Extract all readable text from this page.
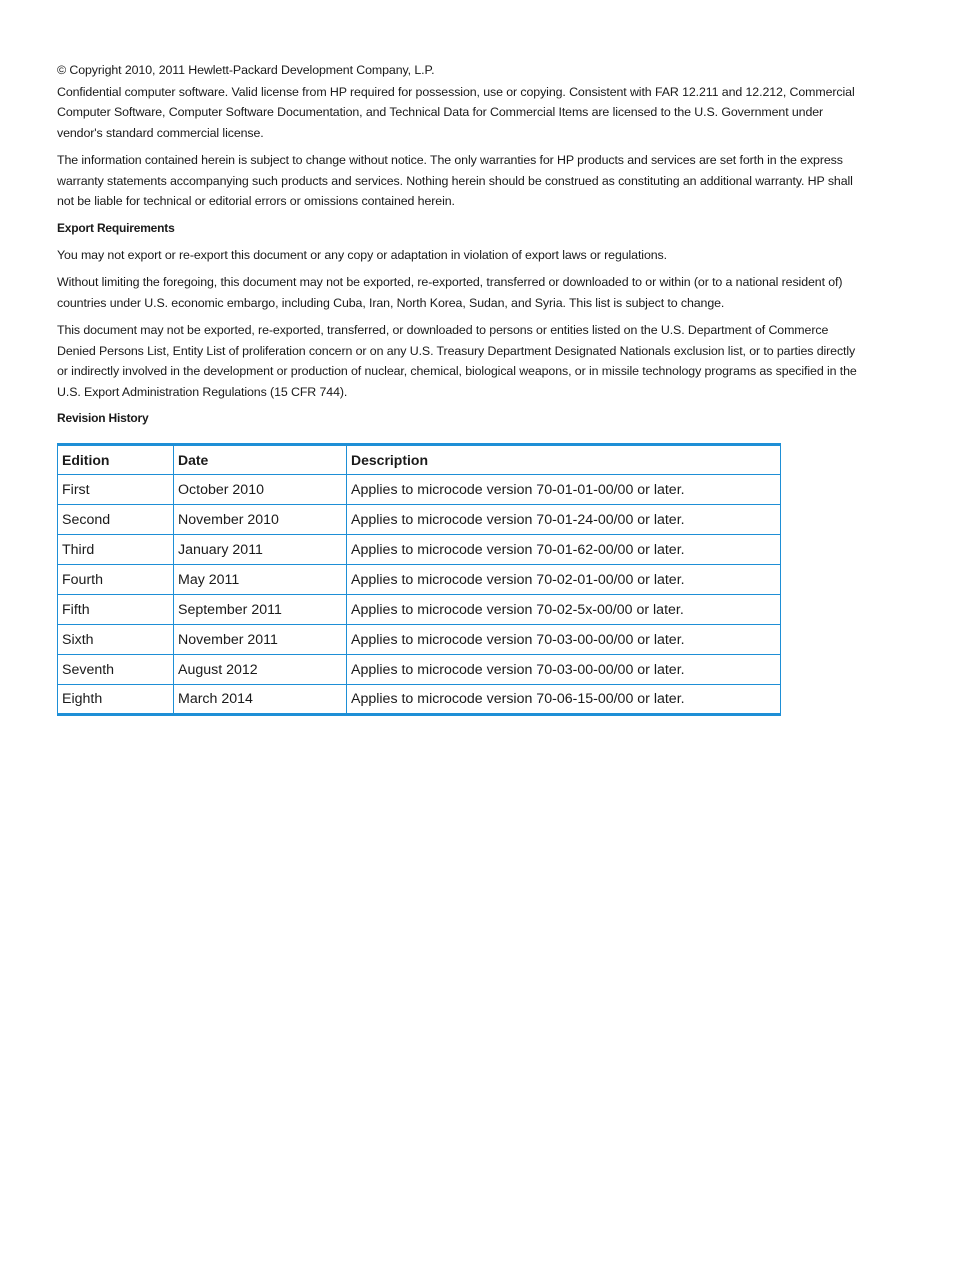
© Copyright 2010, 2011 Hewlett-Packard Development Company, L.P.

Confidential computer software. Valid license from HP required for possession, use or copying. Consistent with FAR 12.211 and 12.212, Commercial Computer Software, Computer Software Documentation, and Technical Data for Commercial Items are licensed to the U.S. Government under vendor's standard commercial license.

The information contained herein is subject to change without notice. The only warranties for HP products and services are set forth in the express warranty statements accompanying such products and services. Nothing herein should be construed as constituting an additional warranty. HP shall not be liable for technical or editorial errors or omissions contained herein.

Export Requirements

You may not export or re-export this document or any copy or adaptation in violation of export laws or regulations.

Without limiting the foregoing, this document may not be exported, re-exported, transferred or downloaded to or within (or to a national resident of) countries under U.S. economic embargo, including Cuba, Iran, North Korea, Sudan, and Syria. This list is subject to change.

This document may not be exported, re-exported, transferred, or downloaded to persons or entities listed on the U.S. Department of Commerce Denied Persons List, Entity List of proliferation concern or on any U.S. Treasury Department Designated Nationals exclusion list, or to parties directly or indirectly involved in the development or production of nuclear, chemical, biological weapons, or in missile technology programs as specified in the U.S. Export Administration Regulations (15 CFR 744).

Revision History
Edition	Date	Description
First	October 2010	Applies to microcode version 70-01-01-00/00 or later.
Second	November 2010	Applies to microcode version 70-01-24-00/00 or later.
Third	January 2011	Applies to microcode version 70-01-62-00/00 or later.
Fourth	May 2011	Applies to microcode version 70-02-01-00/00 or later.
Fifth	September 2011	Applies to microcode version 70-02-5x-00/00 or later.
Sixth	November 2011	Applies to microcode version 70-03-00-00/00 or later.
Seventh	August 2012	Applies to microcode version 70-03-00-00/00 or later.
Eighth	March 2014	Applies to microcode version 70-06-15-00/00 or later.
